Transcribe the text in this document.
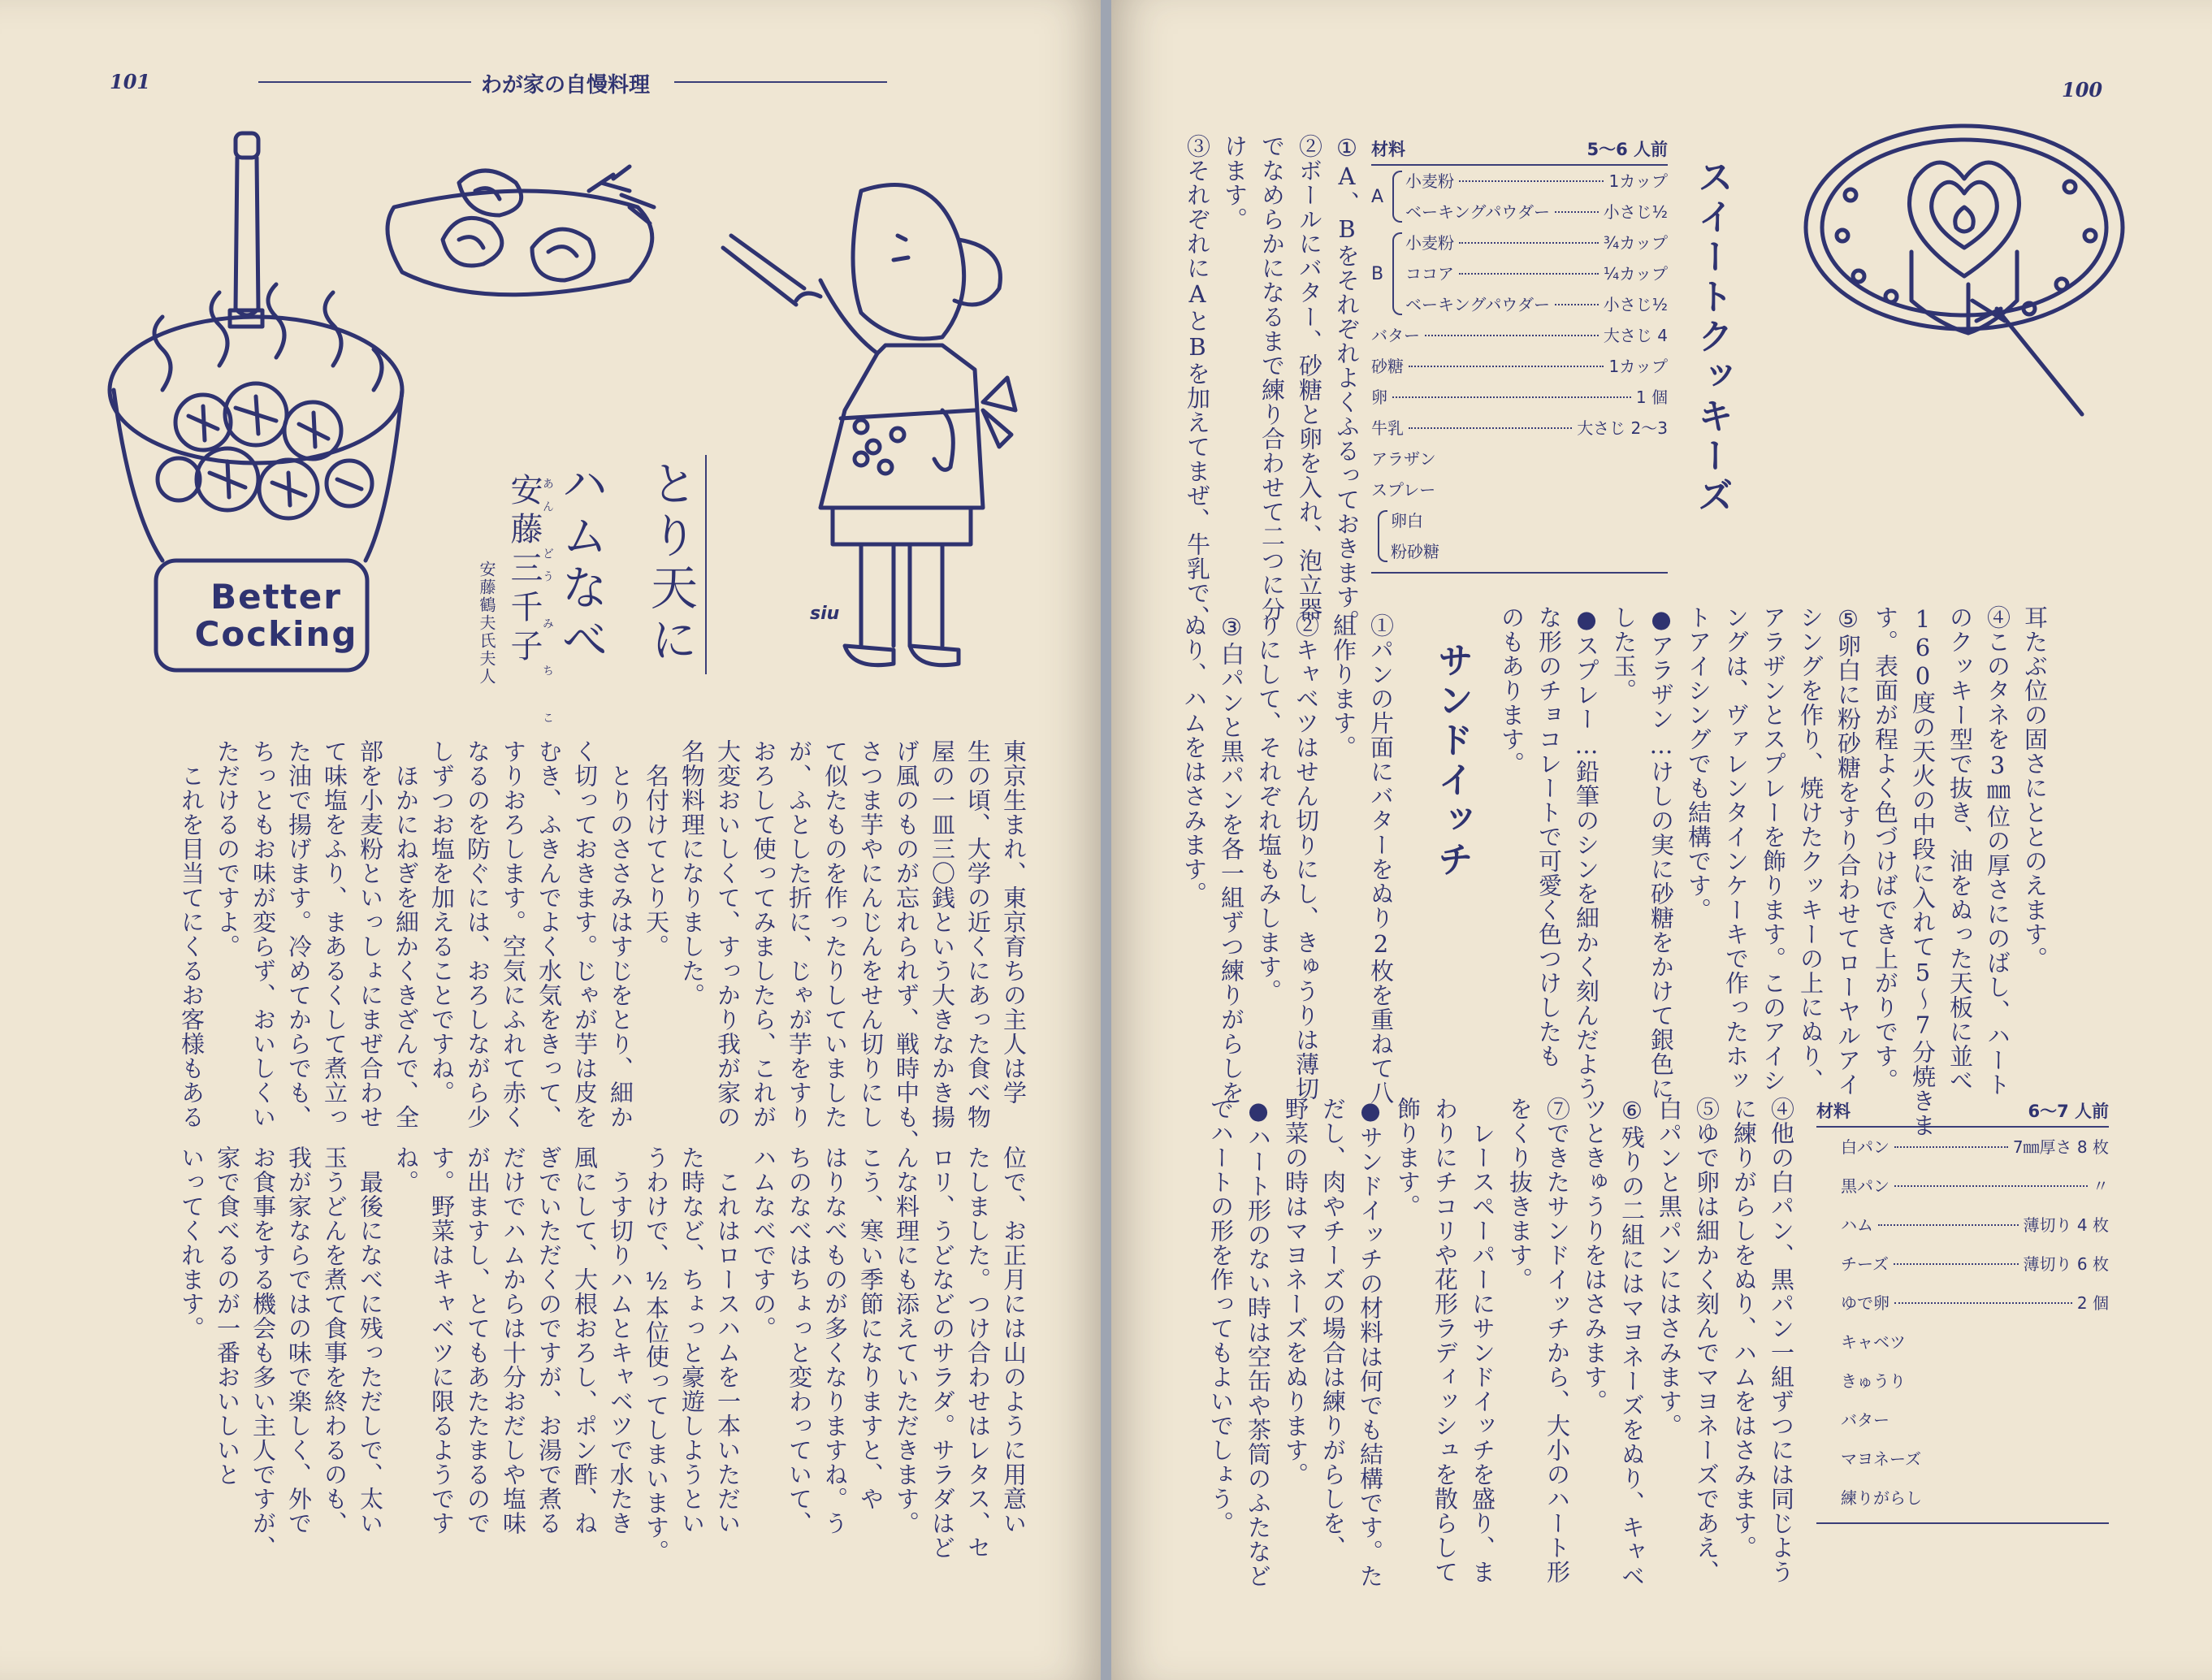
101	わが家の自慢料理
Better Cocking
siu
とり天に
ハムなべ
安藤三千子
あん どう み ち こ
安藤鶴夫氏夫人
東京生まれ、東京育ちの主人は学
生の頃、大学の近くにあった食べ物
屋の一皿三〇銭という大きなかき揚
げ風のものが忘れられず、戦時中も、
さつま芋やにんじんをせん切りにし
て似たものを作ったりしていました
が、ふとした折に、じゃが芋をすり
おろして使ってみましたら、これが
大変おいしくて、すっかり我が家の
名物料理になりました。
　名付けてとり天。
　とりのささみはすじをとり、細か
く切っておきます。じゃが芋は皮を
むき、ふきんでよく水気をきって、
すりおろします。空気にふれて赤く
なるのを防ぐには、おろしながら少
しずつお塩を加えることですね。
　ほかにねぎを細かくきざんで、全
部を小麦粉といっしょにまぜ合わせ
て味塩をふり、まあるくして煮立っ
た油で揚げます。冷めてからでも、
ちっともお味が変らず、おいしくい
ただけるのですよ。
　これを目当てにくるお客様もある
位で、お正月には山のように用意い
たしました。つけ合わせはレタス、セ
ロリ、うどなどのサラダ。サラダはど
んな料理にも添えていただきます。
こう、寒い季節になりますと、や
はりなべものが多くなりますね。う
ちのなべはちょっと変わっていて、
ハムなべですの。
　これはロースハムを一本いただい
た時など、ちょっと豪遊しようとい
うわけで、½本位使ってしまいます。
　うす切りハムとキャベツで水たき
風にして、大根おろし、ポン酢、ね
ぎでいただくのですが、お湯で煮る
だけでハムからは十分おだしや塩味
が出ますし、とてもあたたまるので
す。野菜はキャベツに限るようです
ね。
　最後になべに残っただしで、太い
玉うどんを煮て食事を終わるのも、
我が家ならではの味で楽しく、外で
お食事をする機会も多い主人ですが、
家で食べるのが一番おいしいと
いってくれます。
100
スイートクッキーズ
材料	5〜6 人前
A
小麦粉	1カップ
ベーキングパウダー	小さじ½
B
小麦粉	¾カップ
ココア	¼カップ
ベーキングパウダー	小さじ½
バター	大さじ 4
砂糖	1カップ
卵	1 個
牛乳	大さじ 2〜3
アラザン
スプレー
卵白
粉砂糖
①A、Bをそれぞれよくふるっておきます。
②ボールにバター、砂糖と卵を入れ、泡立器
でなめらかになるまで練り合わせて二つに分
けます。
③それぞれにAとBを加えてまぜ、牛乳で、
耳たぶ位の固さにととのえます。
④このタネを3㎜位の厚さにのばし、ハート
のクッキー型で抜き、油をぬった天板に並べ
160度の天火の中段に入れて5〜7分焼きま
す。表面が程よく色づけばでき上がりです。
⑤卵白に粉砂糖をすり合わせてローヤルアイ
シングを作り、焼けたクッキーの上にぬり、
アラザンとスプレーを飾ります。このアイシ
ングは、ヴァレンタインケーキで作ったホッ
トアイシングでも結構です。
●アラザン…けしの実に砂糖をかけて銀色に
した玉。
●スプレー…鉛筆のシンを細かく刻んだよう
な形のチョコレートで可愛く色つけしたも
のもあります。
サンドイッチ
①パンの片面にバターをぬり2枚を重ねて八
組作ります。
②キャベツはせん切りにし、きゅうりは薄切
りにして、それぞれ塩もみします。
③白パンと黒パンを各一組ずつ練りがらしを
ぬり、ハムをはさみます。
材料	6〜7 人前
白パン	7㎜厚さ 8 枚
黒パン	〃
ハム	薄切り 4 枚
チーズ	薄切り 6 枚
ゆで卵	2 個
キャベツ
きゅうり
バター
マヨネーズ
練りがらし
④他の白パン、黒パン一組ずつには同じよう
に練りがらしをぬり、ハムをはさみます。
⑤ゆで卵は細かく刻んでマヨネーズであえ、
白パンと黒パンにはさみます。
⑥残りの二組にはマヨネーズをぬり、キャベ
ツときゅうりをはさみます。
⑦できたサンドイッチから、大小のハート形
をくり抜きます。
　レースペーパーにサンドイッチを盛り、ま
わりにチコリや花形ラディッシュを散らして
飾ります。
●サンドイッチの材料は何でも結構です。た
だし、肉やチーズの場合は練りがらしを、
野菜の時はマヨネーズをぬります。
●ハート形のない時は空缶や茶筒のふたなど
でハートの形を作ってもよいでしょう。
